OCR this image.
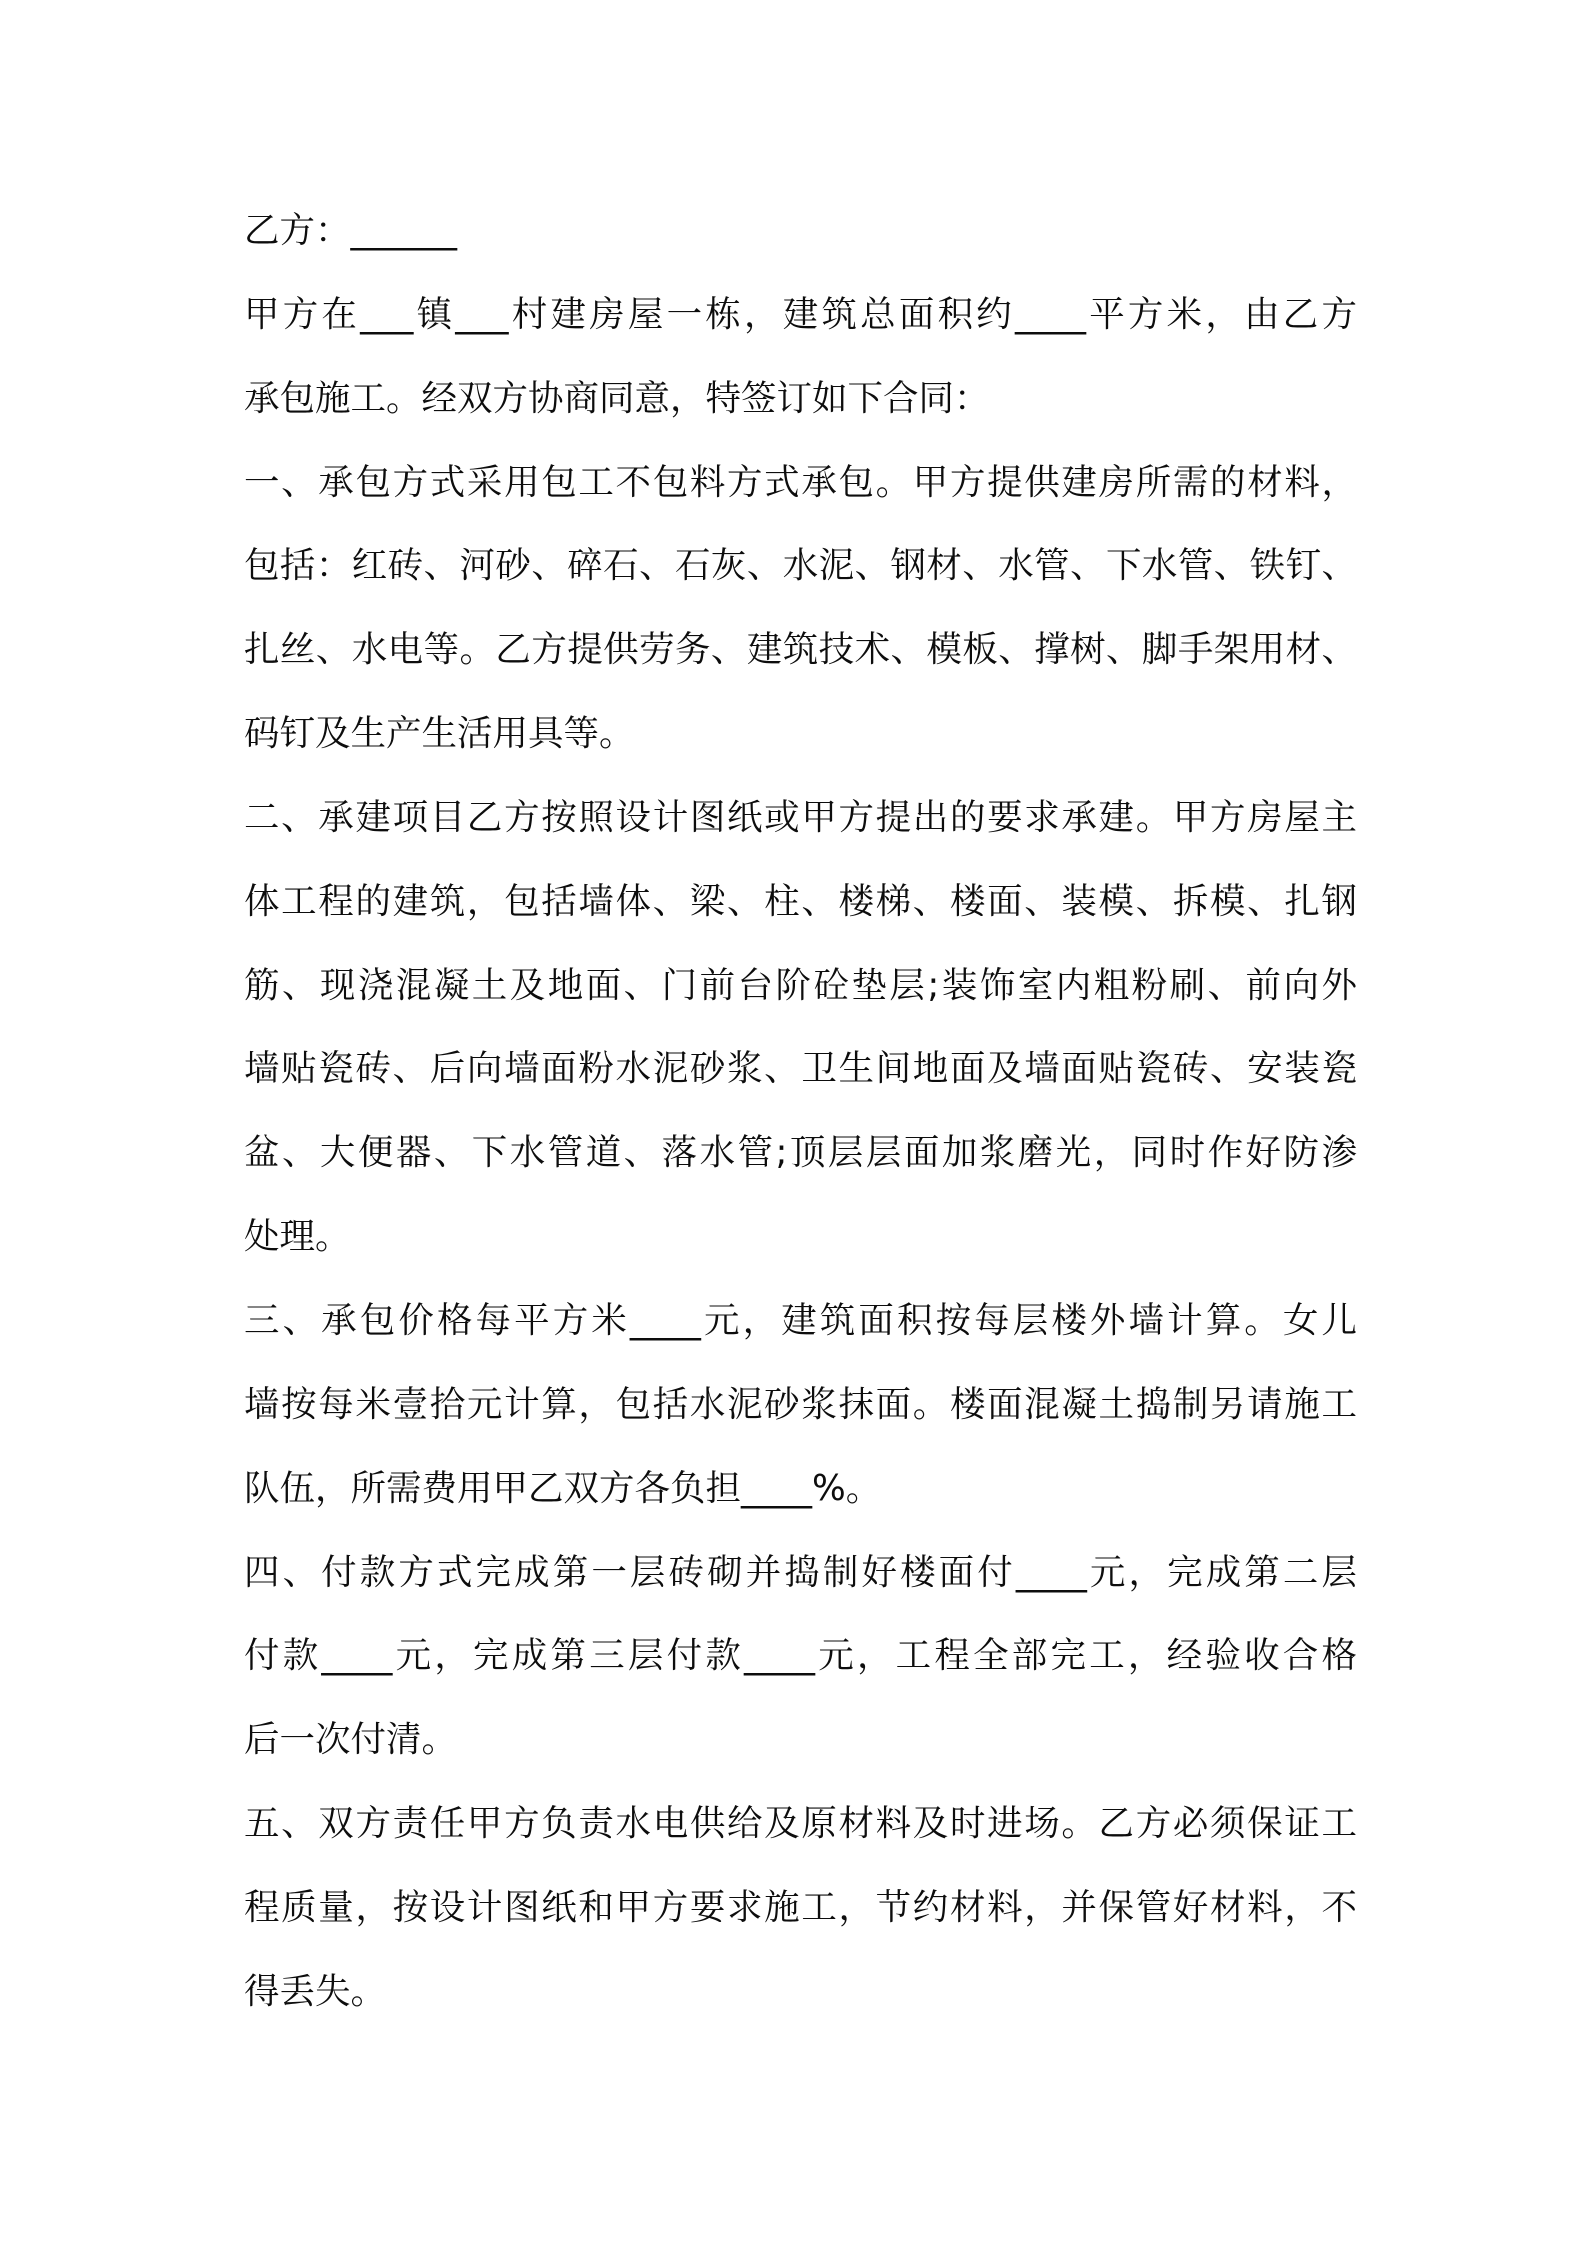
乙方：______

甲方在___镇___村建房屋一栋，建筑总面积约____平方米，由乙方
承包施工。经双方协商同意，特签订如下合同：

一、承包方式采用包工不包料方式承包。甲方提供建房所需的材料，
包括：红砖、河砂、碎石、石灰、水泥、钢材、水管、下水管、铁钉、
扎丝、水电等。乙方提供劳务、建筑技术、模板、撑树、脚手架用材、
码钉及生产生活用具等。

二、承建项目乙方按照设计图纸或甲方提出的要求承建。甲方房屋主
体工程的建筑，包括墙体、梁、柱、楼梯、楼面、装模、拆模、扎钢
筋、现浇混凝土及地面、门前台阶砼垫层;装饰室内粗粉刷、前向外
墙贴瓷砖、后向墙面粉水泥砂浆、卫生间地面及墙面贴瓷砖、安装瓷
盆、大便器、下水管道、落水管;顶层层面加浆磨光，同时作好防渗
处理。

三、承包价格每平方米____元，建筑面积按每层楼外墙计算。女儿
墙按每米壹拾元计算，包括水泥砂浆抹面。楼面混凝土捣制另请施工
队伍，所需费用甲乙双方各负担____%。

四、付款方式完成第一层砖砌并捣制好楼面付____元，完成第二层
付款____元，完成第三层付款____元，工程全部完工，经验收合格
后一次付清。

五、双方责任甲方负责水电供给及原材料及时进场。乙方必须保证工
程质量，按设计图纸和甲方要求施工，节约材料，并保管好材料，不
得丢失。
